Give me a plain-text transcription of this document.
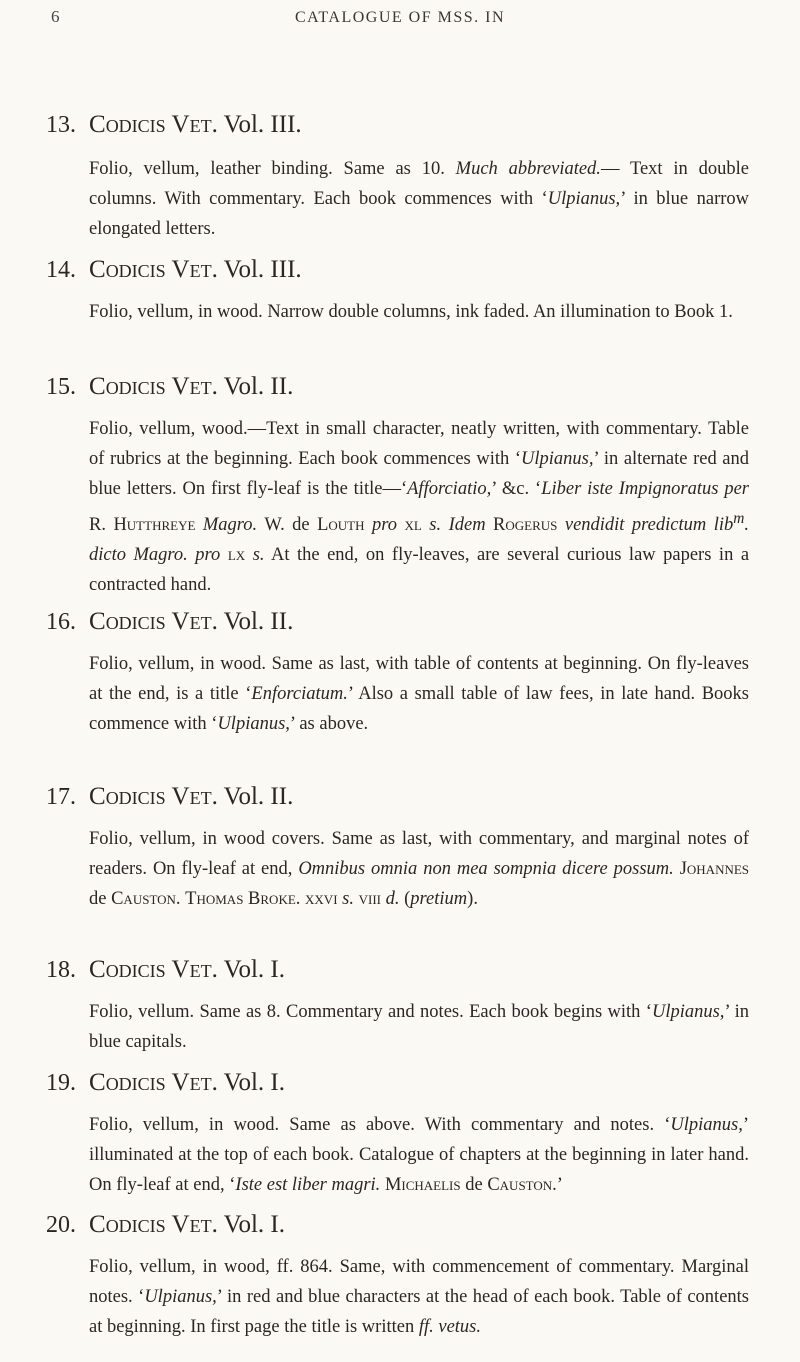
6	CATALOGUE OF MSS. IN
13. Codicis Vet. Vol. III.
Folio, vellum, leather binding. Same as 10. Much abbreviated.— Text in double columns. With commentary. Each book commences with ‘Ulpianus,’ in blue narrow elongated letters.
14. Codicis Vet. Vol. III.
Folio, vellum, in wood. Narrow double columns, ink faded. An illumination to Book 1.
15. Codicis Vet. Vol. II.
Folio, vellum, wood.—Text in small character, neatly written, with commentary. Table of rubrics at the beginning. Each book commences with ‘Ulpianus,’ in alternate red and blue letters. On first fly-leaf is the title—‘Afforciatio,’ &c. ‘Liber iste Impignoratus per R. Hutthreye Magro. W. de Louth pro xl s. Idem Rogerus vendidit predictum lib$^m$. dicto Magro. pro lx s. At the end, on fly-leaves, are several curious law papers in a contracted hand.
16. Codicis Vet. Vol. II.
Folio, vellum, in wood. Same as last, with table of contents at beginning. On fly-leaves at the end, is a title ‘Enforciatum.’ Also a small table of law fees, in late hand. Books commence with ‘Ulpianus,’ as above.
17. Codicis Vet. Vol. II.
Folio, vellum, in wood covers. Same as last, with commentary, and marginal notes of readers. On fly-leaf at end, Omnibus omnia non mea sompnia dicere possum. Johannes de Causton. Thomas Broke. xxvi s. viii d. (pretium).
18. Codicis Vet. Vol. I.
Folio, vellum. Same as 8. Commentary and notes. Each book begins with ‘Ulpianus,’ in blue capitals.
19. Codicis Vet. Vol. I.
Folio, vellum, in wood. Same as above. With commentary and notes. ‘Ulpianus,’ illuminated at the top of each book. Catalogue of chapters at the beginning in later hand. On fly-leaf at end, ‘Iste est liber magri. Michaelis de Causton.’
20. Codicis Vet. Vol. I.
Folio, vellum, in wood, ff. 864. Same, with commencement of commentary. Marginal notes. ‘Ulpianus,’ in red and blue characters at the head of each book. Table of contents at beginning. In first page the title is written ff. vetus.
